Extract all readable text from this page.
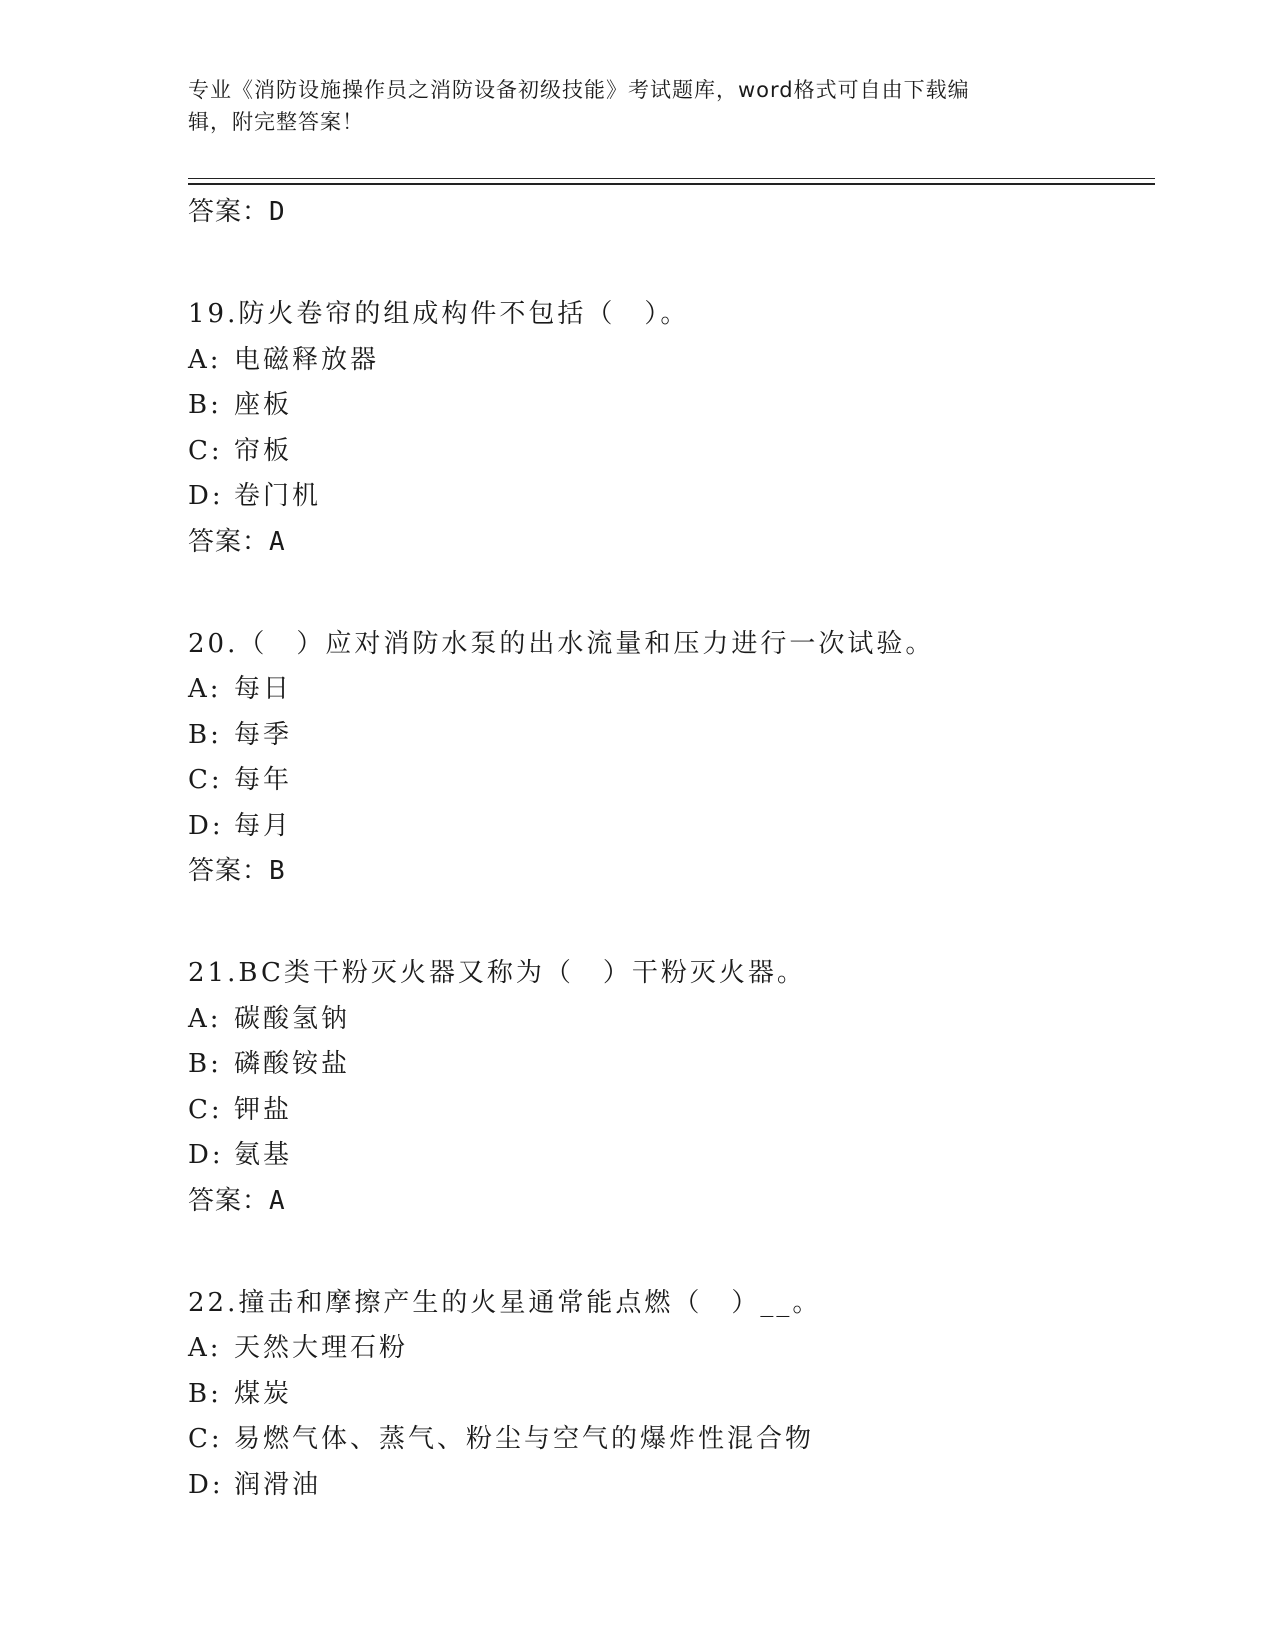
专业《消防设施操作员之消防设备初级技能》考试题库，word格式可自由下载编
辑，附完整答案！
答案：D
19.防火卷帘的组成构件不包括（　）。
A: 电磁释放器
B: 座板
C: 帘板
D: 卷门机
答案：A
20.（　）应对消防水泵的出水流量和压力进行一次试验。
A: 每日
B: 每季
C: 每年
D: 每月
答案：B
21.BC类干粉灭火器又称为（　）干粉灭火器。
A: 碳酸氢钠
B: 磷酸铵盐
C: 钾盐
D: 氨基
答案：A
22.撞击和摩擦产生的火星通常能点燃（　）__。
A: 天然大理石粉
B: 煤炭
C: 易燃气体、蒸气、粉尘与空气的爆炸性混合物
D: 润滑油
